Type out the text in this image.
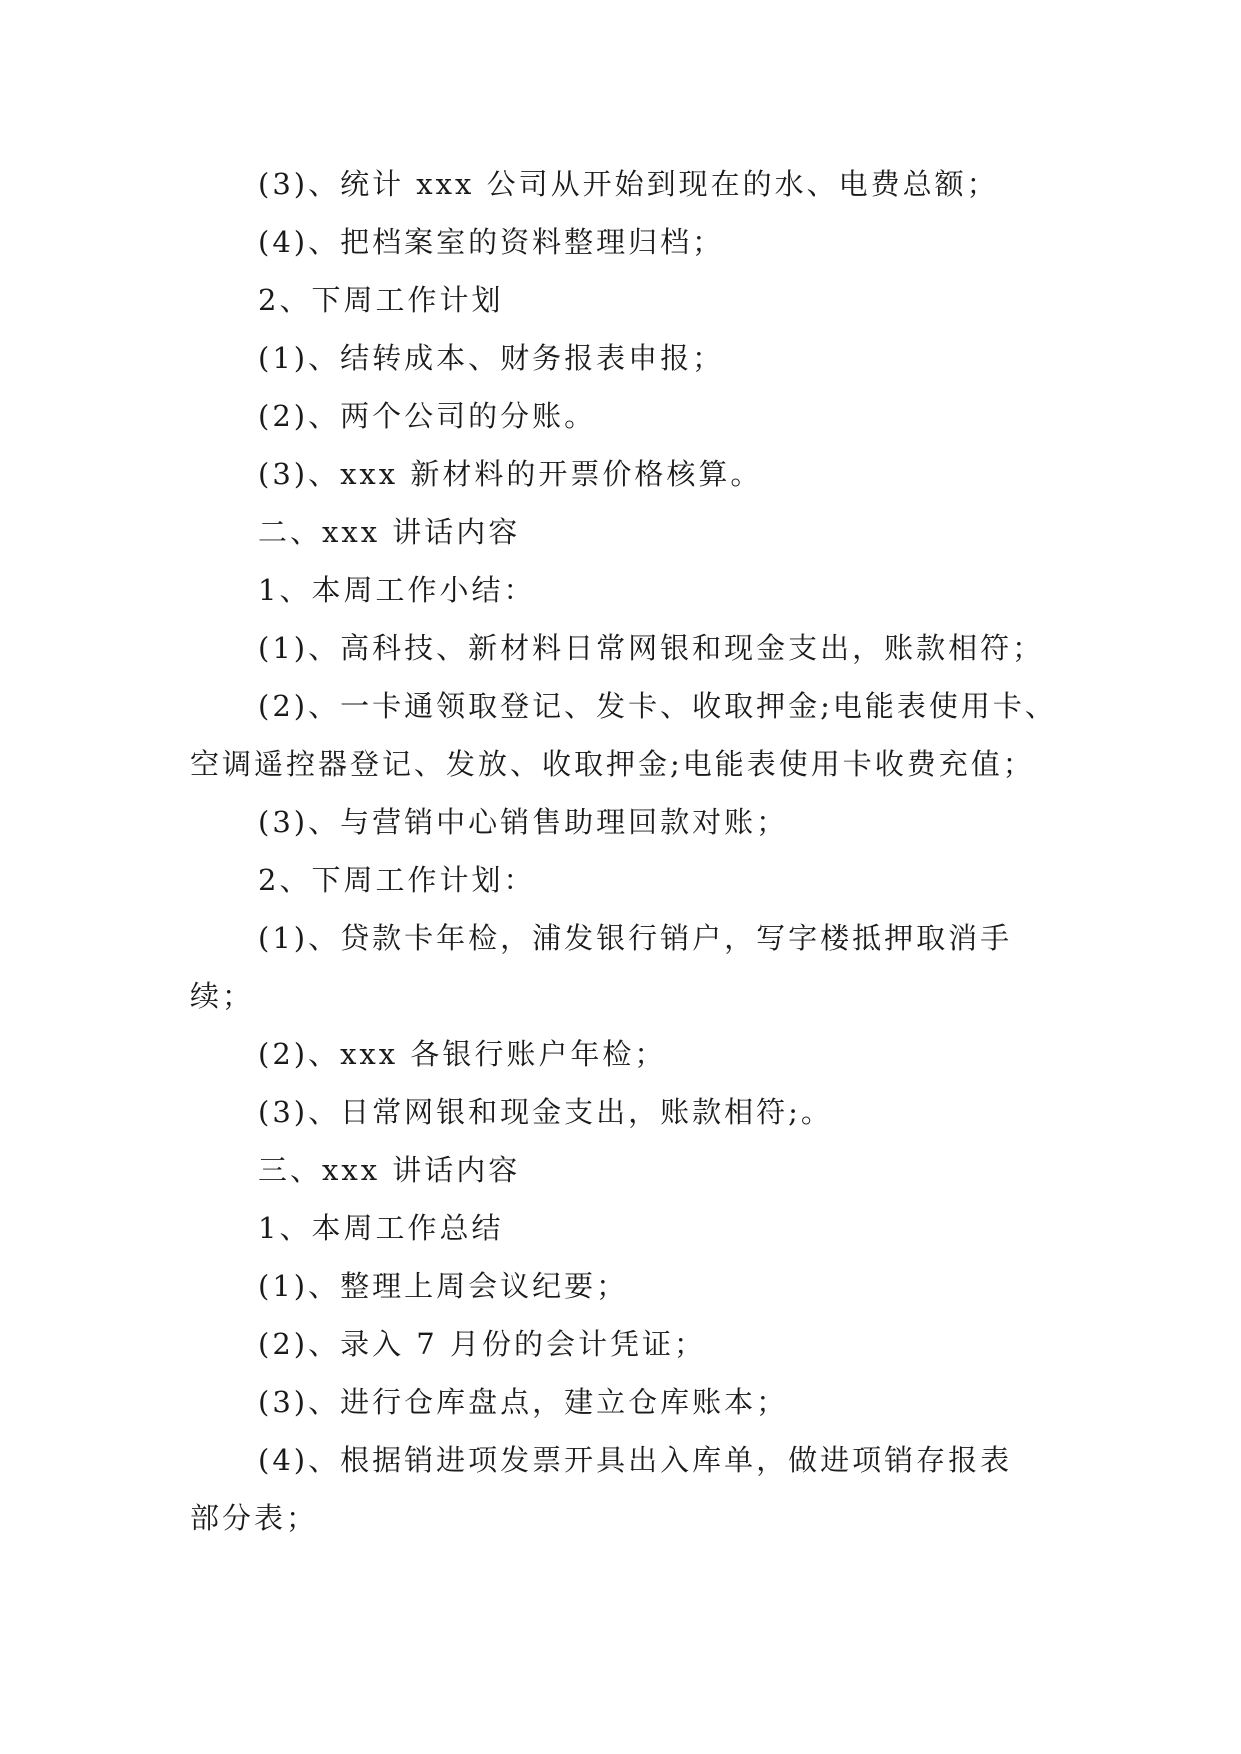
(3)、统计 xxx 公司从开始到现在的水、电费总额；
(4)、把档案室的资料整理归档；
2、下周工作计划
(1)、结转成本、财务报表申报；
(2)、两个公司的分账。
(3)、xxx 新材料的开票价格核算。
二、xxx 讲话内容
1、本周工作小结：
(1)、高科技、新材料日常网银和现金支出，账款相符；
(2)、一卡通领取登记、发卡、收取押金;电能表使用卡、
空调遥控器登记、发放、收取押金;电能表使用卡收费充值；
(3)、与营销中心销售助理回款对账；
2、下周工作计划：
(1)、贷款卡年检，浦发银行销户，写字楼抵押取消手
续；
(2)、xxx 各银行账户年检；
(3)、日常网银和现金支出，账款相符;。
三、xxx 讲话内容
1、本周工作总结
(1)、整理上周会议纪要；
(2)、录入 7 月份的会计凭证；
(3)、进行仓库盘点，建立仓库账本；
(4)、根据销进项发票开具出入库单，做进项销存报表
部分表；
